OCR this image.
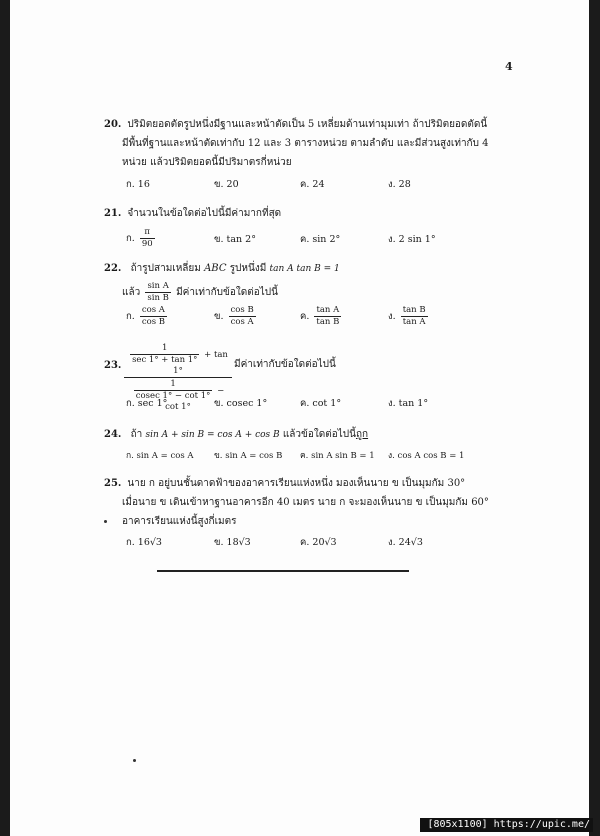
4
20. ปริมิตยอดตัดรูปหนึ่งมีฐานและหน้าตัดเป็น 5 เหลี่ยมด้านเท่ามุมเท่า ถ้าปริมิตยอดตัดนี้
มีพื้นที่ฐานและหน้าตัดเท่ากับ 12 และ 3 ตารางหน่วย ตามลำดับ และมีส่วนสูงเท่ากับ 4
หน่วย แล้วปริมิตยอดนี้มีปริมาตรกี่หน่วย
ก. 16	ข. 20	ค. 24	ง. 28
21. จำนวนในข้อใดต่อไปนี้มีค่ามากที่สุด
ก. $\frac{\pi}{90}$	ข. tan 2°	ค. sin 2°	ง. 2 sin 1°
22. ถ้ารูปสามเหลี่ยม ABC รูปหนึ่งมี tan A tan B = 1
แล้ว $\frac{\text{sin A}}{\text{sin B}}$ มีค่าเท่ากับข้อใดต่อไปนี้
ก. $\frac{\text{cos A}}{\text{cos B}}$	ข. $\frac{\text{cos B}}{\text{cos A}}$	ค. $\frac{\text{tan A}}{\text{tan B}}$	ง. $\frac{\text{tan B}}{\text{tan A}}$
23.	$\frac{1}{\sec 1^\circ + \tan 1^\circ} + \tan 1^\circ$
$\frac{1}{cosec 1^\circ - \cot 1^\circ} - \cot 1^\circ$
มีค่าเท่ากับข้อใดต่อไปนี้
ก. sec 1°	ข. cosec 1°	ค. cot 1°	ง. tan 1°
24. ถ้า sin A + sin B = cos A + cos B แล้วข้อใดต่อไปนี้ถูก
ก. sin A = cos A ข. sin A = cos B ค. sin A sin B = 1 ง. cos A cos B = 1
25. นาย ก อยู่บนชั้นดาดฟ้าของอาคารเรียนแห่งหนึ่ง มองเห็นนาย ข เป็นมุมกัม 30°
เมื่อนาย ข เดินเข้าหาฐานอาคารอีก 40 เมตร นาย ก จะมองเห็นนาย ข เป็นมุมกัม 60°
อาคารเรียนแห่งนี้สูงกี่เมตร
ก. 16√3	ข. 18√3	ค. 20√3	ง. 24√3
[805x1100] https://upic.me/
